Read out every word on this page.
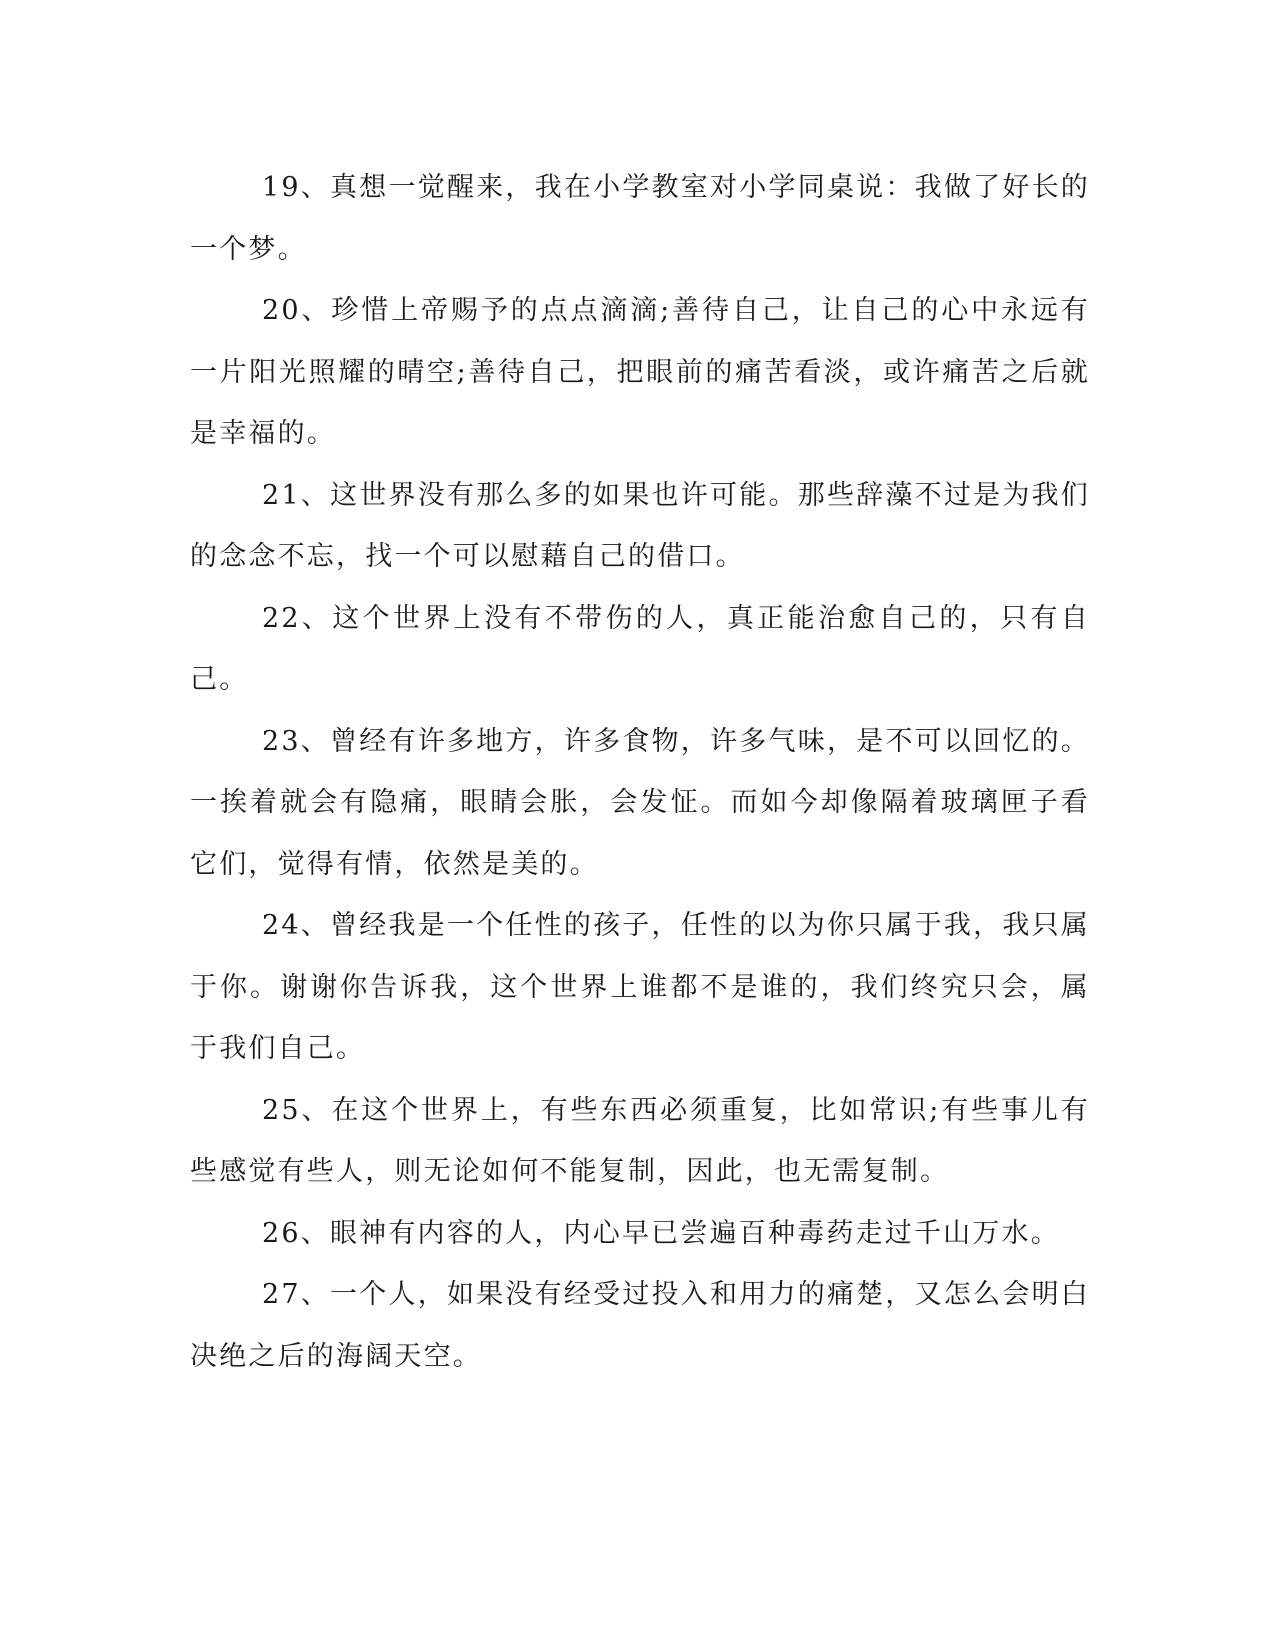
19、真想一觉醒来，我在小学教室对小学同桌说：我做了好长的一个梦。

20、珍惜上帝赐予的点点滴滴;善待自己，让自己的心中永远有一片阳光照耀的晴空;善待自己，把眼前的痛苦看淡，或许痛苦之后就是幸福的。

21、这世界没有那么多的如果也许可能。那些辞藻不过是为我们的念念不忘，找一个可以慰藉自己的借口。

22、这个世界上没有不带伤的人，真正能治愈自己的，只有自己。

23、曾经有许多地方，许多食物，许多气味，是不可以回忆的。一挨着就会有隐痛，眼睛会胀，会发怔。而如今却像隔着玻璃匣子看它们，觉得有情，依然是美的。

24、曾经我是一个任性的孩子，任性的以为你只属于我，我只属于你。谢谢你告诉我，这个世界上谁都不是谁的，我们终究只会，属于我们自己。

25、在这个世界上，有些东西必须重复，比如常识;有些事儿有些感觉有些人，则无论如何不能复制，因此，也无需复制。

26、眼神有内容的人，内心早已尝遍百种毒药走过千山万水。

27、一个人，如果没有经受过投入和用力的痛楚，又怎么会明白决绝之后的海阔天空。
